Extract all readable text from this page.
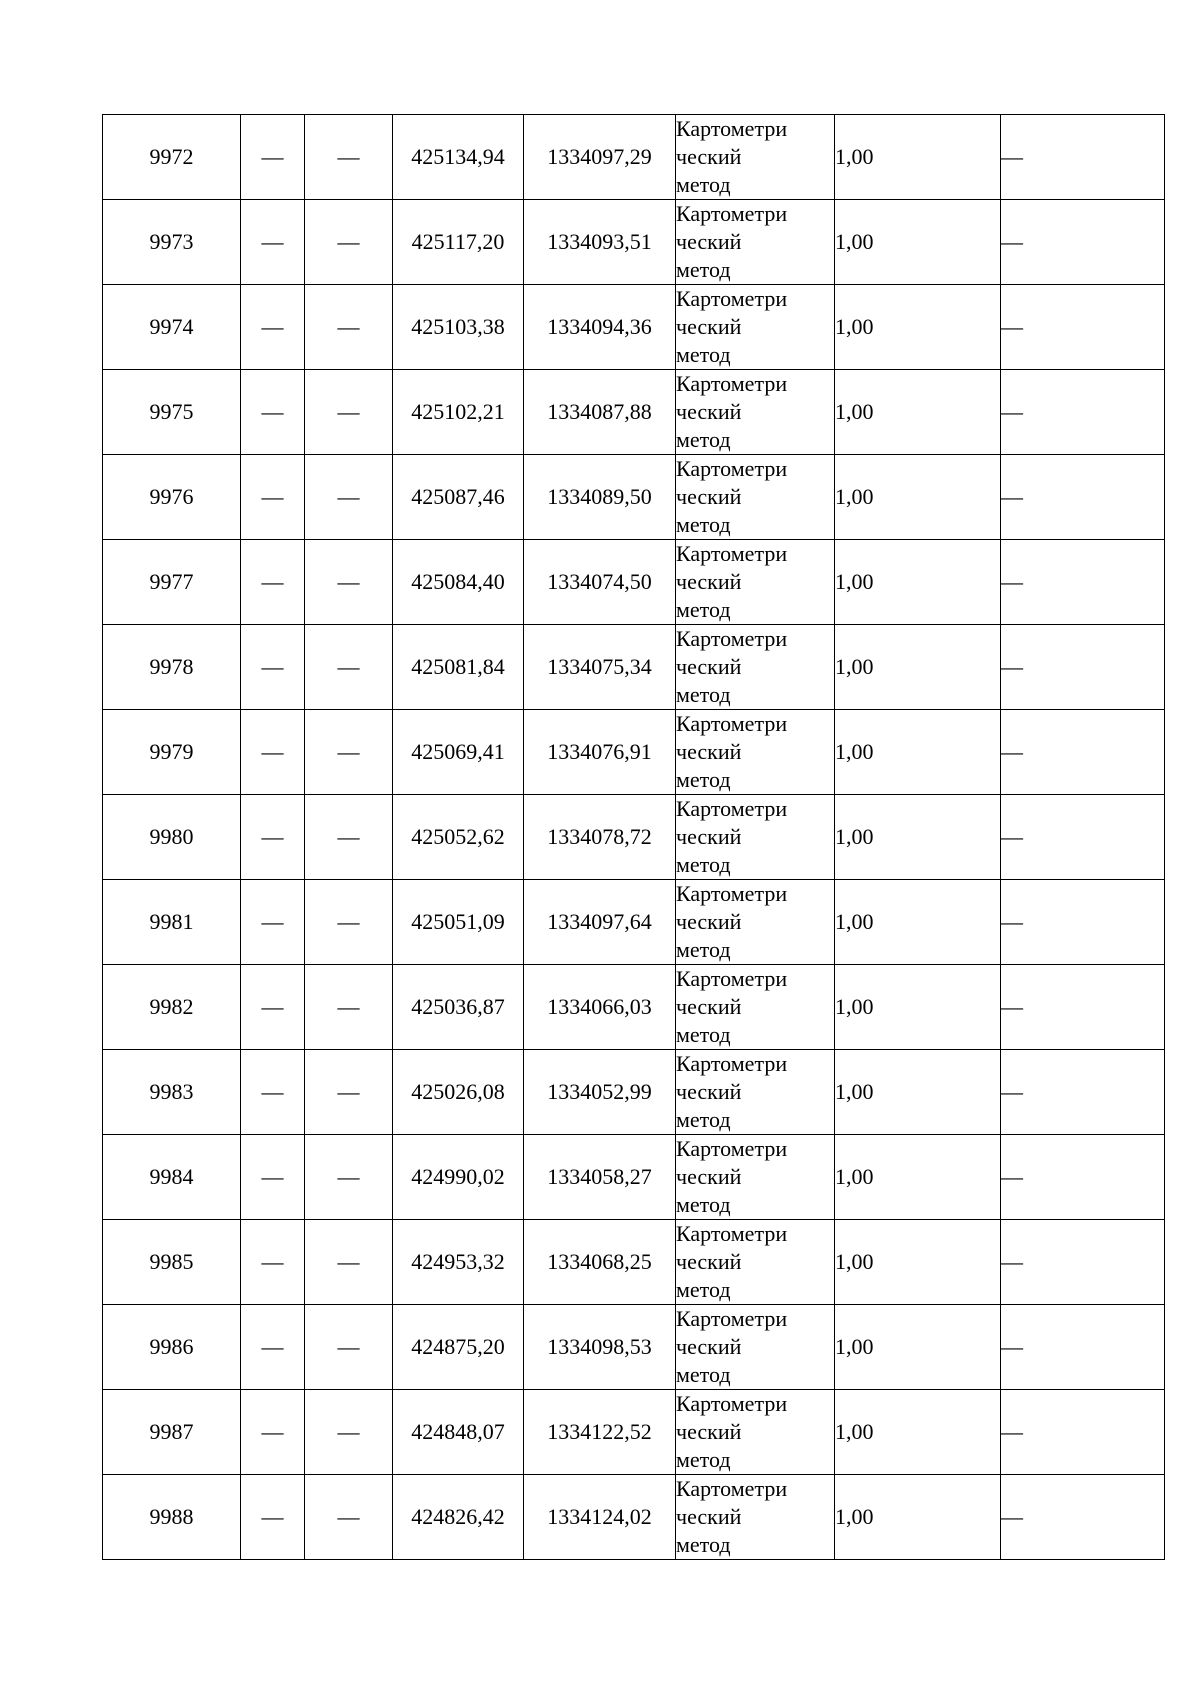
9972	—	—	425134,94	1334097,29	Картометри
ческий
метод	1,00	—
9973	—	—	425117,20	1334093,51	Картометри
ческий
метод	1,00	—
9974	—	—	425103,38	1334094,36	Картометри
ческий
метод	1,00	—
9975	—	—	425102,21	1334087,88	Картометри
ческий
метод	1,00	—
9976	—	—	425087,46	1334089,50	Картометри
ческий
метод	1,00	—
9977	—	—	425084,40	1334074,50	Картометри
ческий
метод	1,00	—
9978	—	—	425081,84	1334075,34	Картометри
ческий
метод	1,00	—
9979	—	—	425069,41	1334076,91	Картометри
ческий
метод	1,00	—
9980	—	—	425052,62	1334078,72	Картометри
ческий
метод	1,00	—
9981	—	—	425051,09	1334097,64	Картометри
ческий
метод	1,00	—
9982	—	—	425036,87	1334066,03	Картометри
ческий
метод	1,00	—
9983	—	—	425026,08	1334052,99	Картометри
ческий
метод	1,00	—
9984	—	—	424990,02	1334058,27	Картометри
ческий
метод	1,00	—
9985	—	—	424953,32	1334068,25	Картометри
ческий
метод	1,00	—
9986	—	—	424875,20	1334098,53	Картометри
ческий
метод	1,00	—
9987	—	—	424848,07	1334122,52	Картометри
ческий
метод	1,00	—
9988	—	—	424826,42	1334124,02	Картометри
ческий
метод	1,00	—
